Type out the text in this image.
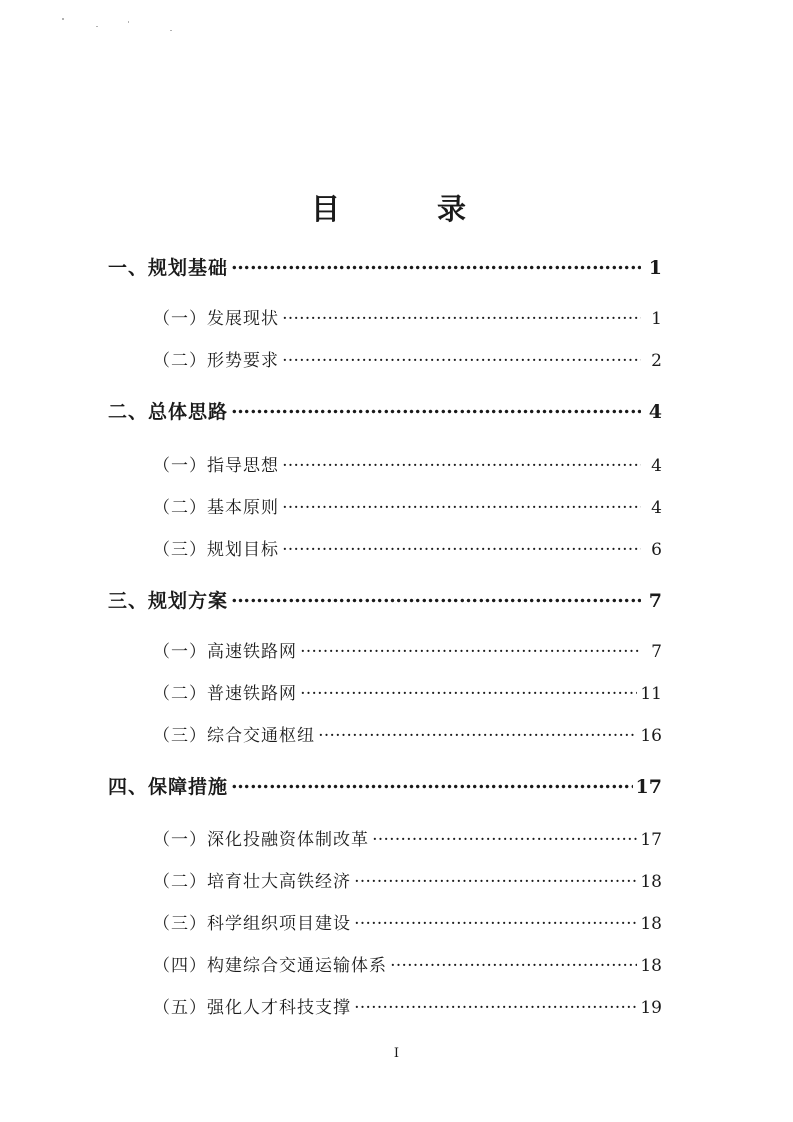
目　录
一、规划基础 ……………………………………………………………………………………………………………………………………………………………	1
（一）发展现状 ……………………………………………………………………………………………………………………………………………………………	1
（二）形势要求 ……………………………………………………………………………………………………………………………………………………………	2
二、总体思路 ……………………………………………………………………………………………………………………………………………………………	4
（一）指导思想 ……………………………………………………………………………………………………………………………………………………………	4
（二）基本原则 ……………………………………………………………………………………………………………………………………………………………	4
（三）规划目标 ……………………………………………………………………………………………………………………………………………………………	6
三、规划方案 ……………………………………………………………………………………………………………………………………………………………	7
（一）高速铁路网 ……………………………………………………………………………………………………………………………………………………………	7
（二）普速铁路网 ……………………………………………………………………………………………………………………………………………………………	11
（三）综合交通枢纽 ……………………………………………………………………………………………………………………………………………………………	16
四、保障措施 ……………………………………………………………………………………………………………………………………………………………	17
（一）深化投融资体制改革 ……………………………………………………………………………………………………………………………………………………………	17
（二）培育壮大高铁经济 ……………………………………………………………………………………………………………………………………………………………	18
（三）科学组织项目建设 ……………………………………………………………………………………………………………………………………………………………	18
（四）构建综合交通运输体系 ……………………………………………………………………………………………………………………………………………………………	18
（五）强化人才科技支撑 ……………………………………………………………………………………………………………………………………………………………	19
I
